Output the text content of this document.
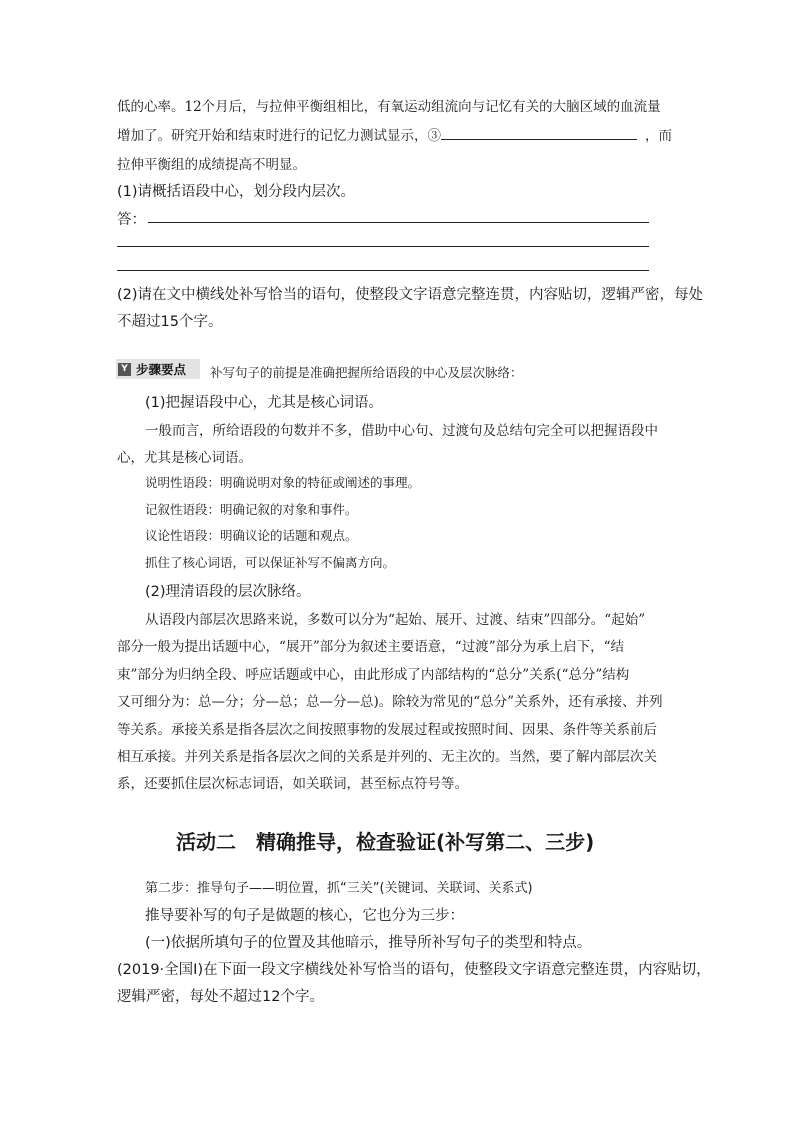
低的心率。12个月后，与拉伸平衡组相比，有氧运动组流向与记忆有关的大脑区域的血流量
增加了。研究开始和结束时进行的记忆力测试显示，③	，而
拉伸平衡组的成绩提高不明显。
(1)请概括语段中心，划分段内层次。
答：
(2)请在文中横线处补写恰当的语句，使整段文字语意完整连贯，内容贴切，逻辑严密，每处
不超过15个字。
Y 步骤要点 补写句子的前提是准确把握所给语段的中心及层次脉络：
(1)把握语段中心，尤其是核心词语。
一般而言，所给语段的句数并不多，借助中心句、过渡句及总结句完全可以把握语段中
心，尤其是核心词语。
说明性语段：明确说明对象的特征或阐述的事理。
记叙性语段：明确记叙的对象和事件。
议论性语段：明确议论的话题和观点。
抓住了核心词语，可以保证补写不偏离方向。
(2)理清语段的层次脉络。
从语段内部层次思路来说，多数可以分为“起始、展开、过渡、结束”四部分。“起始”
部分一般为提出话题中心，“展开”部分为叙述主要语意，“过渡”部分为承上启下，“结
束”部分为归纳全段、呼应话题或中心，由此形成了内部结构的“总分”关系(“总分”结构
又可细分为：总—分；分—总；总—分—总)。除较为常见的“总分”关系外，还有承接、并列
等关系。承接关系是指各层次之间按照事物的发展过程或按照时间、因果、条件等关系前后
相互承接。并列关系是指各层次之间的关系是并列的、无主次的。当然，要了解内部层次关
系，还要抓住层次标志词语，如关联词，甚至标点符号等。
活动二　精确推导，检查验证(补写第二、三步)
第二步：推导句子——明位置，抓“三关”(关键词、关联词、关系式)
推导要补写的句子是做题的核心，它也分为三步：
(一)依据所填句子的位置及其他暗示，推导所补写句子的类型和特点。
(2019·全国Ⅰ)在下面一段文字横线处补写恰当的语句，使整段文字语意完整连贯，内容贴切，
逻辑严密，每处不超过12个字。
